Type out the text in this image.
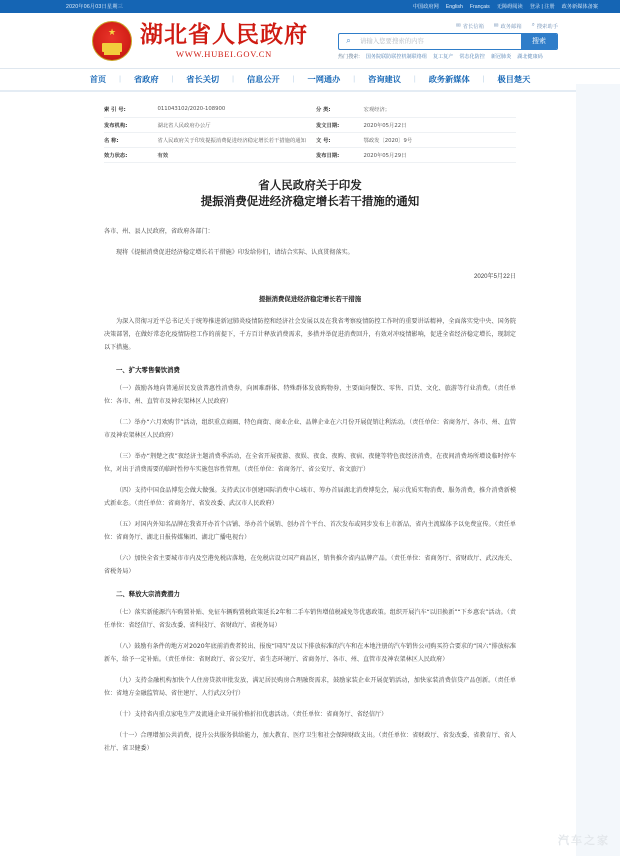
2020年06月03日星期三	中国政府网 English Français 无障碍阅读 登录 | 注册 政务新媒体备案
★ 湖北省人民政府
WWW.HUBEI.GOV.CN
✉ 省长信箱 ✉ 政务邮箱 ⌕ 搜索助手
⌕
请输入您要搜索的内容	搜索
热门搜索: 国务院联防联控机制联络组 复工复产 常态化防控 新冠肺炎 湖北健康码
首页	|	省政府	|	省长关切	|	信息公开	|	一网通办	|	咨询建议	|	政务新媒体	|	极目楚天
索 引 号:	011043102/2020-108900	分 类:	宏观经济；
发布机构:	湖北省人民政府办公厅	发文日期:	2020年05月22日
名 称:	省人民政府关于印发提振消费促进经济稳定增长若干措施的通知	文 号:	鄂政发〔2020〕9号
效力状态:	有效	发布日期:	2020年05月29日
省人民政府关于印发
提振消费促进经济稳定增长若干措施的通知

各市、州、县人民政府，省政府各部门：

现将《提振消费促进经济稳定增长若干措施》印发给你们，请结合实际、认真贯彻落实。

2020年5月22日
提振消费促进经济稳定增长若干措施

为深入贯彻习近平总书记关于统筹推进新冠肺炎疫情防控和经济社会发展以及在我省考察疫情防控工作时的重要讲话精神，全面落实党中央、国务院决策部署，在做好常态化疫情防控工作的前提下，千方百计释放消费需求，多措并举促进消费回升，有效对冲疫情影响，促进全省经济稳定增长，现制定以下措施。

一、扩大零售餐饮消费

（一）鼓励各地向普通居民发放普惠性消费券，向困难群体、特殊群体发放购物券，主要面向餐饮、零售、百货、文化、旅游等行业消费。（责任单位：各市、州、直管市及神农架林区人民政府）

（二）举办“六月欢购节”活动，组织重点商圈、特色商街、商业企业、品牌企业在六月份开展促销让利活动。（责任单位：省商务厅、各市、州、直管市及神农架林区人民政府）

（三）举办“荆楚之夜”夜经济主题消费季活动，在全省开展夜游、夜娱、夜食、夜购、夜宿、夜健等特色夜经济消费，在夜间消费场所增设临时停车位，对出于消费需要的临时性停车实施包容性管理。（责任单位：省商务厅、省公安厅、省文旅厅）

（四）支持中国食品博览会做大做强。支持武汉市创建国际消费中心城市、筹办首届湖北消费博览会，展示优质实物消费、服务消费，推介消费新模式新业态。（责任单位：省商务厅、省发改委、武汉市人民政府）

（五）对国内外知名品牌在我省开办首个店铺、举办首个展销、创办首个平台、首次发布或同步发布上市新品，省内主流媒体予以免费宣传。（责任单位：省商务厅、湖北日报传媒集团、湖北广播电视台）

（六）加快全省主要城市市内及空港免税店落地，在免税店设立国产商品区，销售推介省内品牌产品。（责任单位：省商务厅、省财政厅、武汉海关、省税务局）

二、释放大宗消费潜力

（七）落实新能源汽车购置补贴、免征车辆购置税政策延长2年和二手车销售增值税减免等优惠政策。组织开展汽车“以旧换新”“下乡惠农”活动。（责任单位：省经信厅、省发改委、省科技厅、省财政厅、省税务局）

（八）鼓励有条件的地方对2020年底前消费者转出、报废“国四”及以下排放标准的汽车和在本地注册的汽车销售公司购买符合要求的“国六”排放标准新车，给予一定补贴。（责任单位：省财政厅、省公安厅、省生态环境厅、省商务厅、各市、州、直管市及神农架林区人民政府）

（九）支持金融机构加快个人住房贷款审批发放，满足居民购房合理融资需求，鼓励家装企业开展促销活动，加快家装消费信贷产品创新。（责任单位：省地方金融监管局、省住建厅、人行武汉分行）

（十）支持省内重点家电生产及流通企业开展价格折扣优惠活动。（责任单位：省商务厅、省经信厅）

（十一）合理增加公共消费，提升公共服务供给能力，加大教育、医疗卫生和社会保障财政支出。（责任单位：省财政厅、省发改委、省教育厅、省人社厅、省卫健委）

汽车之家
